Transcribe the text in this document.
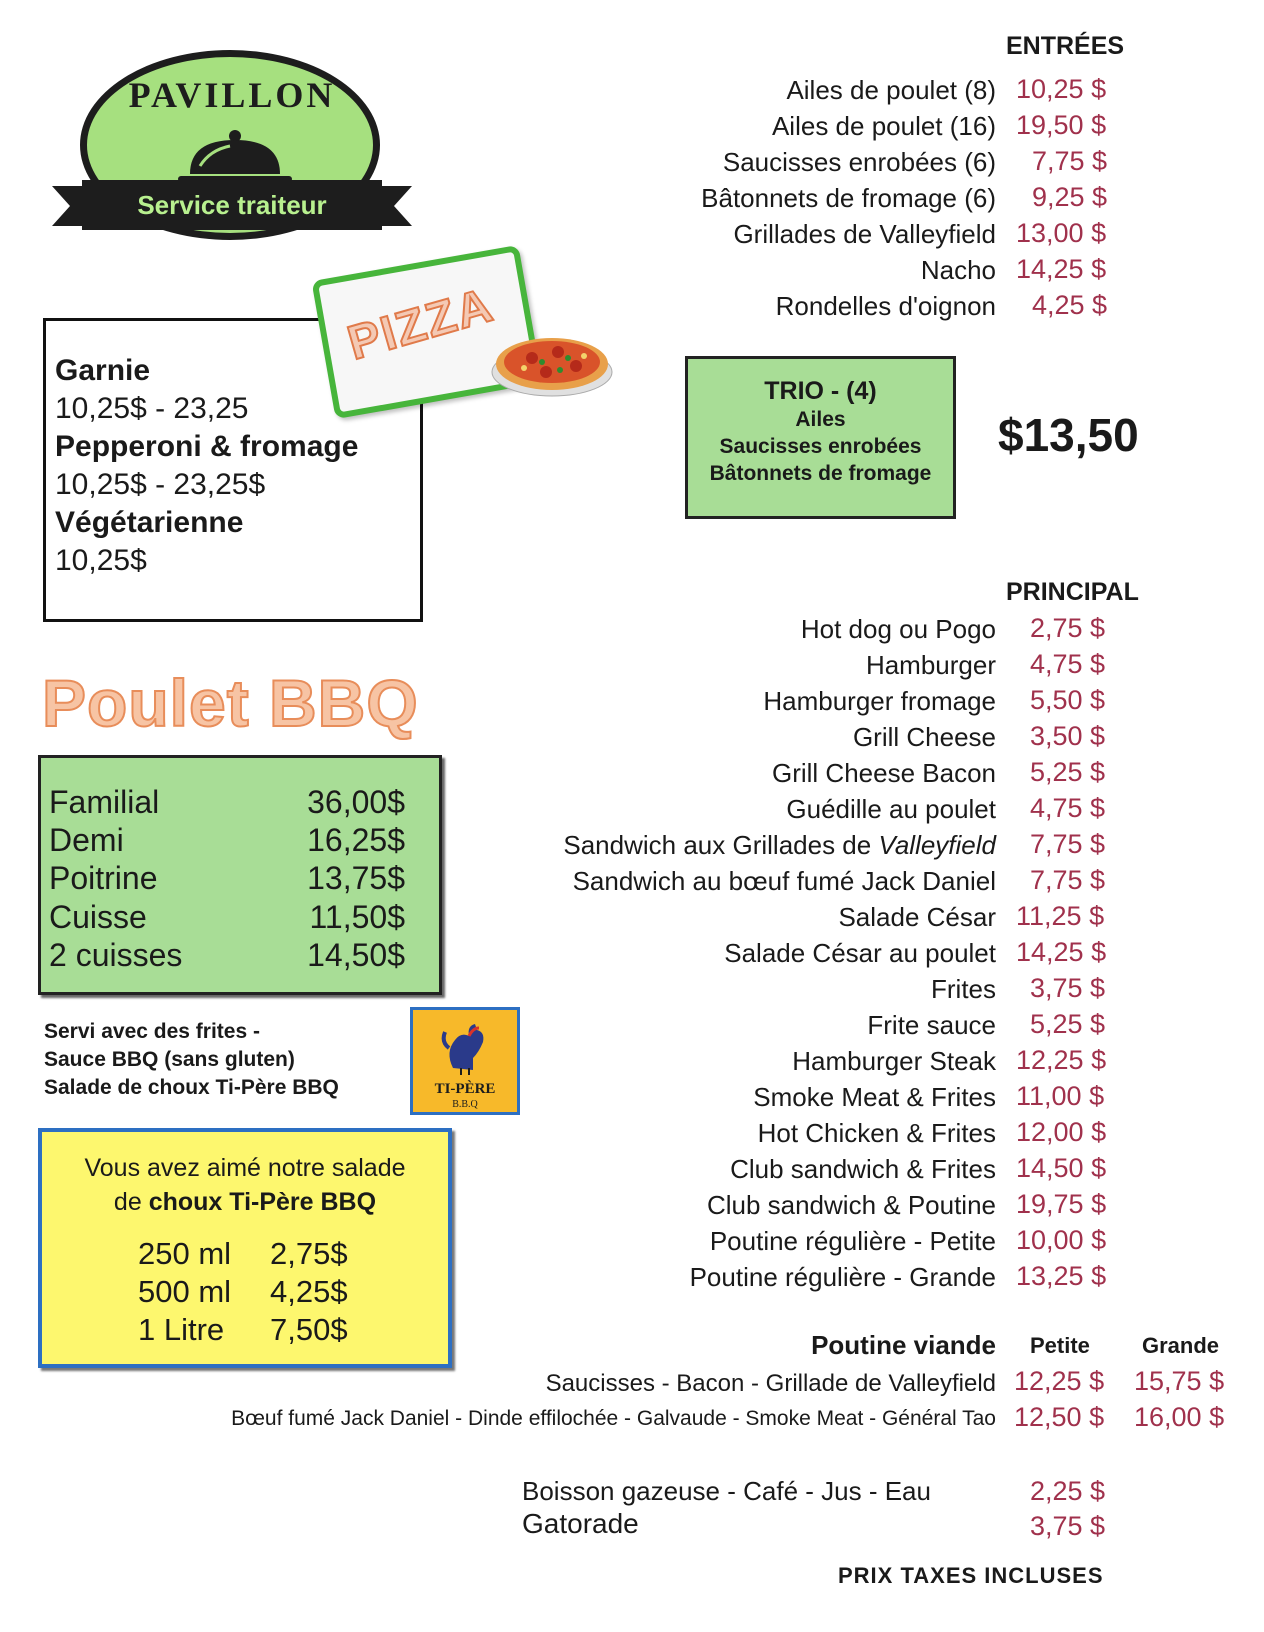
PAVILLON
Service traiteur
PIZZA
Garnie
10,25$ - 23,25
Pepperoni & fromage
10,25$ - 23,25$
Végétarienne
10,25$
Poulet BBQ
Familial	36,00$
Demi	16,25$
Poitrine	13,75$
Cuisse	11,50$
2 cuisses	14,50$
Servi avec des frites -
Sauce BBQ (sans gluten)
Salade de choux Ti-Père BBQ	TI-PÈRE
B.B.Q
Vous avez aimé notre salade
de choux Ti-Père BBQ
250 ml 2,75$
500 ml 4,25$
1 Litre 7,50$
ENTRÉES
Ailes de poulet (8) 10,25 $
Ailes de poulet (16) 19,50 $
Saucisses enrobées (6) 7,75 $
Bâtonnets de fromage (6) 9,25 $
Grillades de Valleyfield 13,00 $
Nacho 14,25 $
Rondelles d'oignon 4,25 $
TRIO - (4)
Ailes
Saucisses enrobées
Bâtonnets de fromage
$13,50
PRINCIPAL
Hot dog ou Pogo 2,75 $
Hamburger 4,75 $
Hamburger fromage 5,50 $
Grill Cheese 3,50 $
Grill Cheese Bacon 5,25 $
Guédille au poulet 4,75 $
Sandwich aux Grillades de Valleyfield 7,75 $
Sandwich au bœuf fumé Jack Daniel 7,75 $
Salade César 11,25 $
Salade César au poulet 14,25 $
Frites 3,75 $
Frite sauce 5,25 $
Hamburger Steak 12,25 $
Smoke Meat & Frites 11,00 $
Hot Chicken & Frites 12,00 $
Club sandwich & Frites 14,50 $
Club sandwich & Poutine 19,75 $
Poutine régulière - Petite 10,00 $
Poutine régulière - Grande 13,25 $
Poutine viande Petite Grande
Saucisses - Bacon - Grillade de Valleyfield 12,25 $ 15,75 $
Bœuf fumé Jack Daniel - Dinde effilochée - Galvaude - Smoke Meat - Général Tao 12,50 $ 16,00 $
Boisson gazeuse - Café - Jus - Eau	2,25 $
Gatorade	3,75 $
PRIX TAXES INCLUSES
